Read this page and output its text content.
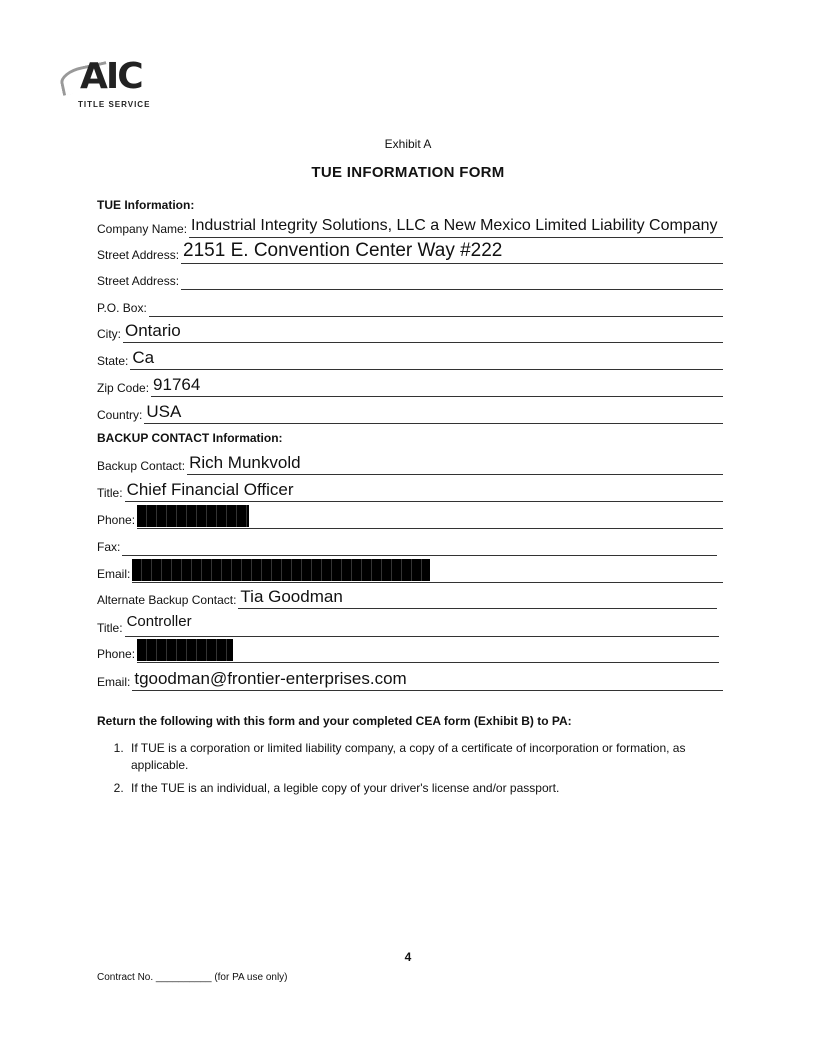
AIC
TITLE SERVICE
Exhibit A
TUE INFORMATION FORM
TUE Information:
Company Name: Industrial Integrity Solutions, LLC a New Mexico Limited Liability Company
Street Address: 2151 E. Convention Center Way #222
Street Address:
P.O. Box:
City: Ontario
State: Ca
Zip Code: 91764
Country: USA
BACKUP CONTACT Information:
Backup Contact: Rich Munkvold
Title: Chief Financial Officer
Phone:
Fax:
Email:
Alternate Backup Contact: Tia Goodman
Title: Controller
Phone:
Email: tgoodman@frontier-enterprises.com
Return the following with this form and your completed CEA form (Exhibit B) to PA:
1. If TUE is a corporation or limited liability company, a copy of a certificate of incorporation or formation, as applicable.
2. If the TUE is an individual, a legible copy of your driver's license and/or passport.
4
Contract No. __________ (for PA use only)
